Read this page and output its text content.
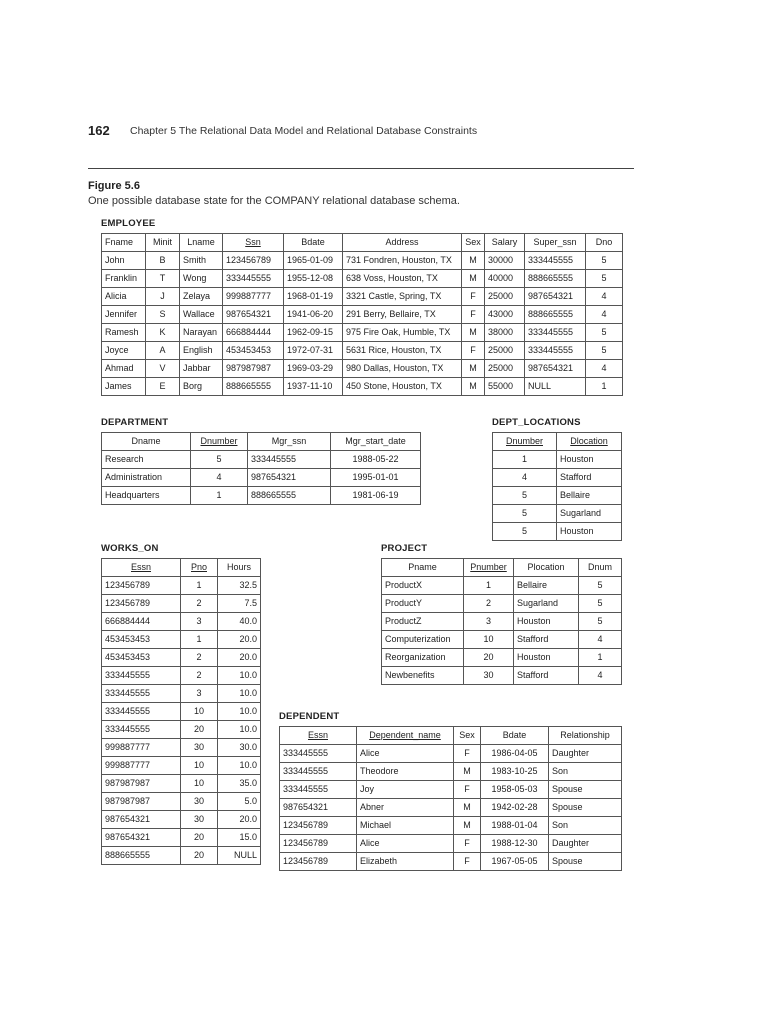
162 Chapter 5 The Relational Data Model and Relational Database Constraints
Figure 5.6
One possible database state for the COMPANY relational database schema.
EMPLOYEE
DEPARTMENT	DEPT_LOCATIONS
WORKS_ON	PROJECT
DEPENDENT
Fname	Minit	Lname	Ssn	Bdate	Address	Sex	Salary	Super_ssn	Dno
John	B	Smith	123456789	1965-01-09	731 Fondren, Houston, TX	M	30000	333445555	5
Franklin	T	Wong	333445555	1955-12-08	638 Voss, Houston, TX	M	40000	888665555	5
Alicia	J	Zelaya	999887777	1968-01-19	3321 Castle, Spring, TX	F	25000	987654321	4
Jennifer	S	Wallace	987654321	1941-06-20	291 Berry, Bellaire, TX	F	43000	888665555	4
Ramesh	K	Narayan	666884444	1962-09-15	975 Fire Oak, Humble, TX	M	38000	333445555	5
Joyce	A	English	453453453	1972-07-31	5631 Rice, Houston, TX	F	25000	333445555	5
Ahmad	V	Jabbar	987987987	1969-03-29	980 Dallas, Houston, TX	M	25000	987654321	4
James	E	Borg	888665555	1937-11-10	450 Stone, Houston, TX	M	55000	NULL	1
Dname	Dnumber	Mgr_ssn	Mgr_start_date
Research	5	333445555	1988-05-22
Administration	4	987654321	1995-01-01
Headquarters	1	888665555	1981-06-19
Dnumber	Dlocation
1	Houston
4	Stafford
5	Bellaire
5	Sugarland
5	Houston
Essn	Pno	Hours
123456789	1	32.5
123456789	2	7.5
666884444	3	40.0
453453453	1	20.0
453453453	2	20.0
333445555	2	10.0
333445555	3	10.0
333445555	10	10.0
333445555	20	10.0
999887777	30	30.0
999887777	10	10.0
987987987	10	35.0
987987987	30	5.0
987654321	30	20.0
987654321	20	15.0
888665555	20	NULL
Pname	Pnumber	Plocation	Dnum
ProductX	1	Bellaire	5
ProductY	2	Sugarland	5
ProductZ	3	Houston	5
Computerization	10	Stafford	4
Reorganization	20	Houston	1
Newbenefits	30	Stafford	4
Essn	Dependent_name	Sex	Bdate	Relationship
333445555	Alice	F	1986-04-05	Daughter
333445555	Theodore	M	1983-10-25	Son
333445555	Joy	F	1958-05-03	Spouse
987654321	Abner	M	1942-02-28	Spouse
123456789	Michael	M	1988-01-04	Son
123456789	Alice	F	1988-12-30	Daughter
123456789	Elizabeth	F	1967-05-05	Spouse
